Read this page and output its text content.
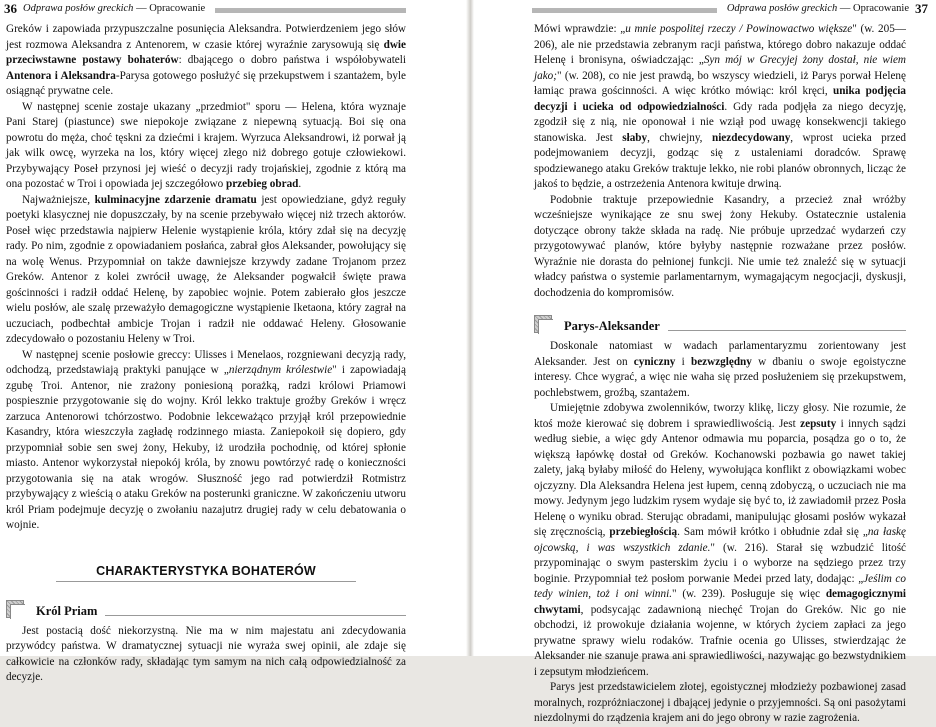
36 Odprawa posłów greckich — Opracowanie

Greków i zapowiada przypuszczalne posunięcia Aleksandra. Potwierdzeniem jego słów jest rozmowa Aleksandra z Antenorem, w czasie której wyraźnie zarysowują się dwie przeciwstawne postawy bohaterów: dbającego o dobro państwa i współobywateli Antenora i Aleksandra-Parysa gotowego posłużyć się przekupstwem i szantażem, byle osiągnąć prywatne cele.

W następnej scenie zostaje ukazany „przedmiot" sporu — Helena, która wyznaje Pani Starej (piastunce) swe niepokoje związane z niepewną sytuacją. Boi się ona powrotu do męża, choć tęskni za dziećmi i krajem. Wyrzuca Aleksandrowi, iż porwał ją jak wilk owcę, wyrzeka na los, który więcej złego niż dobrego gotuje człowiekowi. Przybywający Poseł przynosi jej wieść o decyzji rady trojańskiej, zgodnie z którą ma ona pozostać w Troi i opowiada jej szczegółowo przebieg obrad.

Najważniejsze, kulminacyjne zdarzenie dramatu jest opowiedziane, gdyż reguły poetyki klasycznej nie dopuszczały, by na scenie przebywało więcej niż trzech aktorów. Poseł więc przedstawia najpierw Helenie wystąpienie króla, który zdał się na decyzję rady. Po nim, zgodnie z opowiadaniem posłańca, zabrał głos Aleksander, powołujący się na wolę Wenus. Przypomniał on także dawniejsze krzywdy zadane Trojanom przez Greków. Antenor z kolei zwrócił uwagę, że Aleksander pogwałcił święte prawa gościnności i radził oddać Helenę, by zapobiec wojnie. Potem zabierało głos jeszcze wielu posłów, ale szalę przeważyło demagogiczne wystąpienie Iketaona, który zagrał na uczuciach, podbechtał ambicje Trojan i radził nie oddawać Heleny. Głosowanie zdecydowało o pozostaniu Heleny w Troi.

W następnej scenie posłowie greccy: Ulisses i Menelaos, rozgniewani decyzją rady, odchodzą, przedstawiają praktyki panujące w „nierządnym królestwie" i zapowiadają zgubę Troi. Antenor, nie zrażony poniesioną porażką, radzi królowi Priamowi pospiesznie przygotowanie się do wojny. Król lekko traktuje groźby Greków i wręcz zarzuca Antenorowi tchórzostwo. Podobnie lekceważąco przyjął król przepowiednie Kasandry, która wieszczyła zagładę rodzinnego miasta. Zaniepokoił się dopiero, gdy przypomniał sobie sen swej żony, Hekuby, iż urodziła pochodnię, od której spłonie miasto. Antenor wykorzystał niepokój króla, by znowu powtórzyć radę o konieczności przygotowania się na atak wrogów. Słuszność jego rad potwierdził Rotmistrz przybywający z wieścią o ataku Greków na posterunki graniczne. W zakończeniu utworu król Priam podejmuje decyzję o zwołaniu nazajutrz drugiej rady w celu debatowania o wojnie.

CHARAKTERYSTYKA BOHATERÓW
Król Priam

Jest postacią dość niekorzystną. Nie ma w nim majestatu ani zdecydowania przywódcy państwa. W dramatycznej sytuacji nie wyraża swej opinii, ale zdaje się całkowicie na członków rady, składając tym samym na nich całą odpowiedzialność za decyzje.

Odprawa posłów greckich — Opracowanie 37

Mówi wprawdzie: „u mnie pospolitej rzeczy / Powinowactwo większe" (w. 205—206), ale nie przedstawia zebranym racji państwa, którego dobro nakazuje oddać Helenę i bronisyna, oświadczając: „Syn mój w Grecyjej żony dostał, nie wiem jako;" (w. 208), co nie jest prawdą, bo wszyscy wiedzieli, iż Parys porwał Helenę łamiąc prawa gościnności. A więc krótko mówiąc: król kręci, unika podjęcia decyzji i ucieka od odpowiedzialności. Gdy rada podjęła za niego decyzję, zgodził się z nią, nie oponował i nie wziął pod uwagę konsekwencji takiego stanowiska. Jest słaby, chwiejny, niezdecydowany, wprost ucieka przed podejmowaniem decyzji, godząc się z ustaleniami doradców. Sprawę spodziewanego ataku Greków traktuje lekko, nie robi planów obronnych, licząc że jakoś to będzie, a ostrzeżenia Antenora kwituje drwiną.

Podobnie traktuje przepowiednie Kasandry, a przecież znał wróżby wcześniejsze wynikające ze snu swej żony Hekuby. Ostatecznie ustalenia dotyczące obrony także składa na radę. Nie próbuje uprzedzać wydarzeń czy przygotowywać planów, które byłyby następnie rozważane przez posłów. Wyraźnie nie dorasta do pełnionej funkcji. Nie umie też znaleźć się w sytuacji władcy państwa o systemie parlamentarnym, wymagającym negocjacji, dyskusji, dochodzenia do kompromisów.

Parys-Aleksander

Doskonale natomiast w wadach parlamentaryzmu zorientowany jest Aleksander. Jest on cyniczny i bezwzględny w dbaniu o swoje egoistyczne interesy. Chce wygrać, a więc nie waha się przed posłużeniem się przekupstwem, pochlebstwem, groźbą, szantażem.

Umiejętnie zdobywa zwolenników, tworzy klikę, liczy głosy. Nie rozumie, że ktoś może kierować się dobrem i sprawiedliwością. Jest zepsuty i innych sądzi według siebie, a więc gdy Antenor odmawia mu poparcia, posądza go o to, że większą łapówkę dostał od Greków. Kochanowski pozbawia go nawet takiej zalety, jaką byłaby miłość do Heleny, wywołująca konflikt z obowiązkami wobec ojczyzny. Dla Aleksandra Helena jest łupem, cenną zdobyczą, o uczuciach nie ma mowy. Jedynym jego ludzkim rysem wydaje się być to, iż zawiadomił przez Posła Helenę o wyniku obrad. Sterując obradami, manipulując głosami posłów wykazał się zręcznością, przebiegłością. Sam mówił krótko i obłudnie zdał się „na łaskę ojcowską, i was wszystkich zdanie." (w. 216). Starał się wzbudzić litość przypominając o swym pasterskim życiu i o wyborze na sędziego przez trzy boginie. Przypomniał też posłom porwanie Medei przed laty, dodając: „Jeślim co tedy winien, toż i oni winni." (w. 239). Posługuje się więc demagogicznymi chwytami, podsycając zadawnioną niechęć Trojan do Greków. Nic go nie obchodzi, iż prowokuje działania wojenne, w których życiem zapłaci za jego prywatne sprawy wielu rodaków. Trafnie ocenia go Ulisses, stwierdzając że Aleksander nie szanuje prawa ani sprawiedliwości, nazywając go bezwstydnikiem i zepsutym młodzieńcem.

Parys jest przedstawicielem złotej, egoistycznej młodzieży pozbawionej zasad moralnych, rozpróżniaczonej i dbającej jedynie o przyjemności. Są oni pasożytami niezdolnymi do rządzenia krajem ani do jego obrony w razie zagrożenia.
